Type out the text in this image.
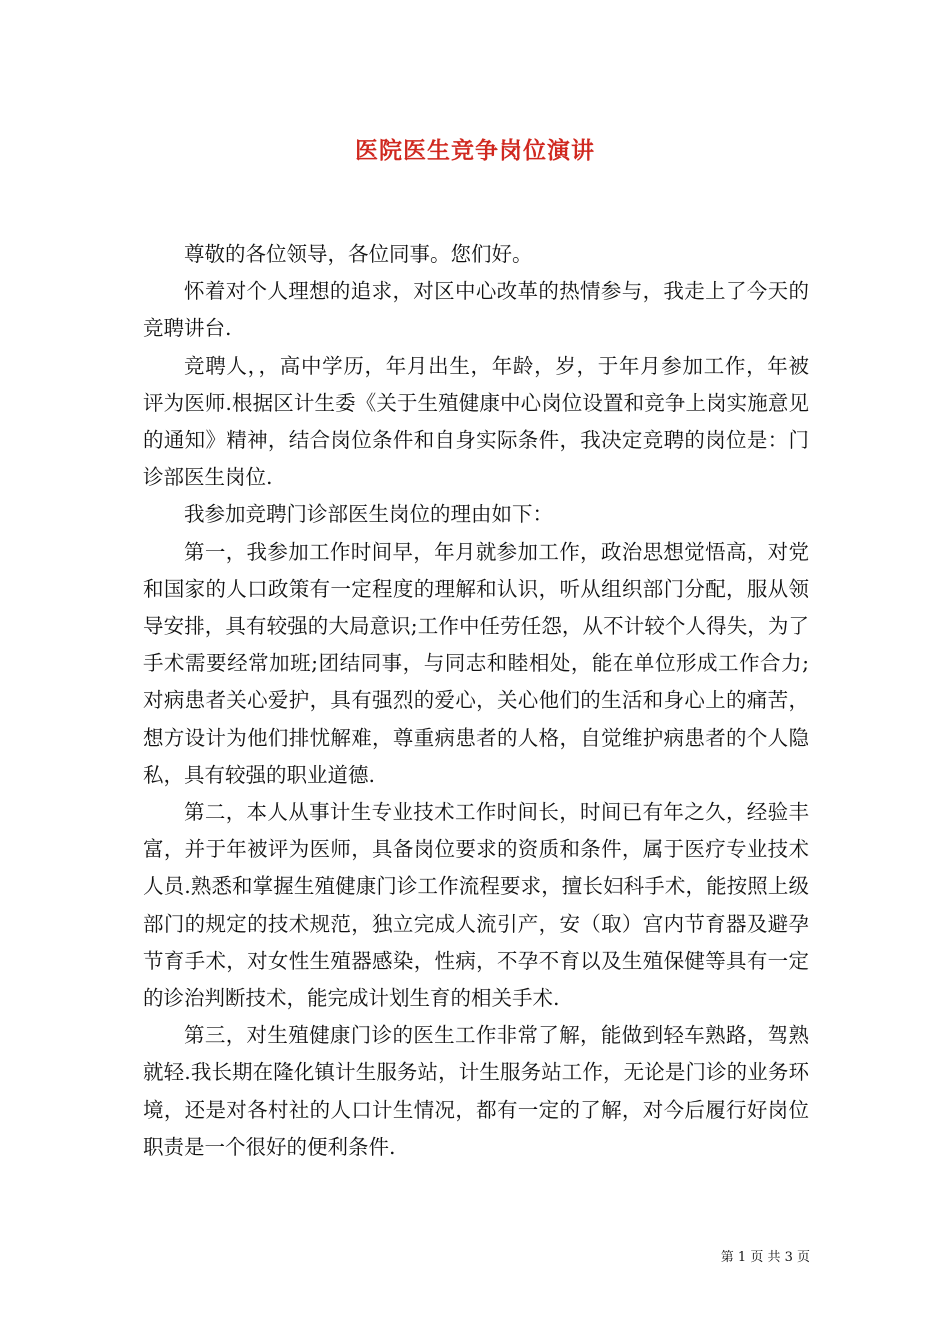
医院医生竞争岗位演讲

尊敬的各位领导，各位同事。您们好。

怀着对个人理想的追求，对区中心改革的热情参与，我走上了今天的竞聘讲台.

竞聘人，，高中学历，年月出生，年龄，岁，于年月参加工作，年被评为医师.根据区计生委《关于生殖健康中心岗位设置和竞争上岗实施意见的通知》精神，结合岗位条件和自身实际条件，我决定竞聘的岗位是：门诊部医生岗位.

我参加竞聘门诊部医生岗位的理由如下：

第一，我参加工作时间早，年月就参加工作，政治思想觉悟高，对党和国家的人口政策有一定程度的理解和认识，听从组织部门分配，服从领导安排，具有较强的大局意识;工作中任劳任怨，从不计较个人得失，为了手术需要经常加班;团结同事，与同志和睦相处，能在单位形成工作合力;对病患者关心爱护，具有强烈的爱心，关心他们的生活和身心上的痛苦，想方设计为他们排忧解难，尊重病患者的人格，自觉维护病患者的个人隐私，具有较强的职业道德.

第二，本人从事计生专业技术工作时间长，时间已有年之久，经验丰富，并于年被评为医师，具备岗位要求的资质和条件，属于医疗专业技术人员.熟悉和掌握生殖健康门诊工作流程要求，擅长妇科手术，能按照上级部门的规定的技术规范，独立完成人流引产，安（取）宫内节育器及避孕节育手术，对女性生殖器感染，性病，不孕不育以及生殖保健等具有一定的诊治判断技术，能完成计划生育的相关手术.

第三，对生殖健康门诊的医生工作非常了解，能做到轻车熟路，驾熟就轻.我长期在隆化镇计生服务站，计生服务站工作，无论是门诊的业务环境，还是对各村社的人口计生情况，都有一定的了解，对今后履行好岗位职责是一个很好的便利条件.

第 1 页 共 3 页
